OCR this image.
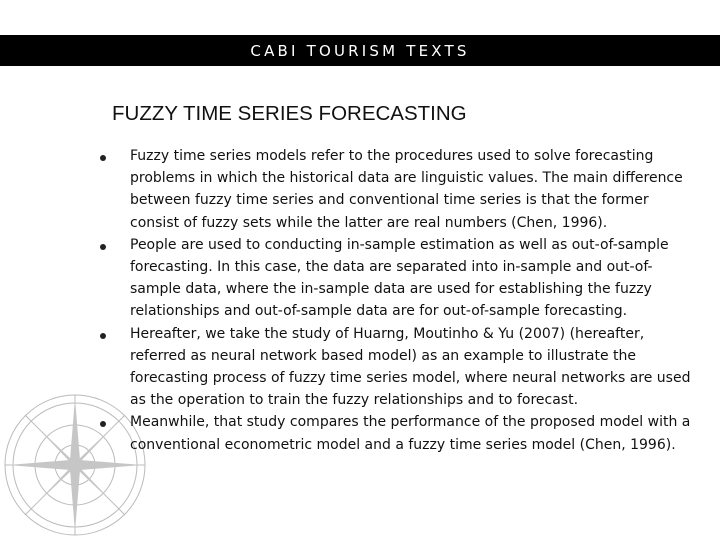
CABI TOURISM TEXTS
FUZZY TIME SERIES FORECASTING
Fuzzy time series models refer to the procedures used to solve forecasting problems in which the historical data are linguistic values. The main difference between fuzzy time series and conventional time series is that the former consist of fuzzy sets while the latter are real numbers (Chen, 1996).
People are used to conducting in-sample estimation as well as out-of-sample forecasting. In this case, the data are separated into in-sample and out-of-sample data, where the in-sample data are used for establishing the fuzzy relationships and out-of-sample data are for out-of-sample forecasting.
Hereafter, we take the study of Huarng, Moutinho & Yu (2007) (hereafter, referred as neural network based model) as an example to illustrate the forecasting process of fuzzy time series model, where neural networks are used as the operation to train the fuzzy relationships and to forecast.
Meanwhile, that study compares the performance of the proposed model with a conventional econometric model and a fuzzy time series model (Chen, 1996).
